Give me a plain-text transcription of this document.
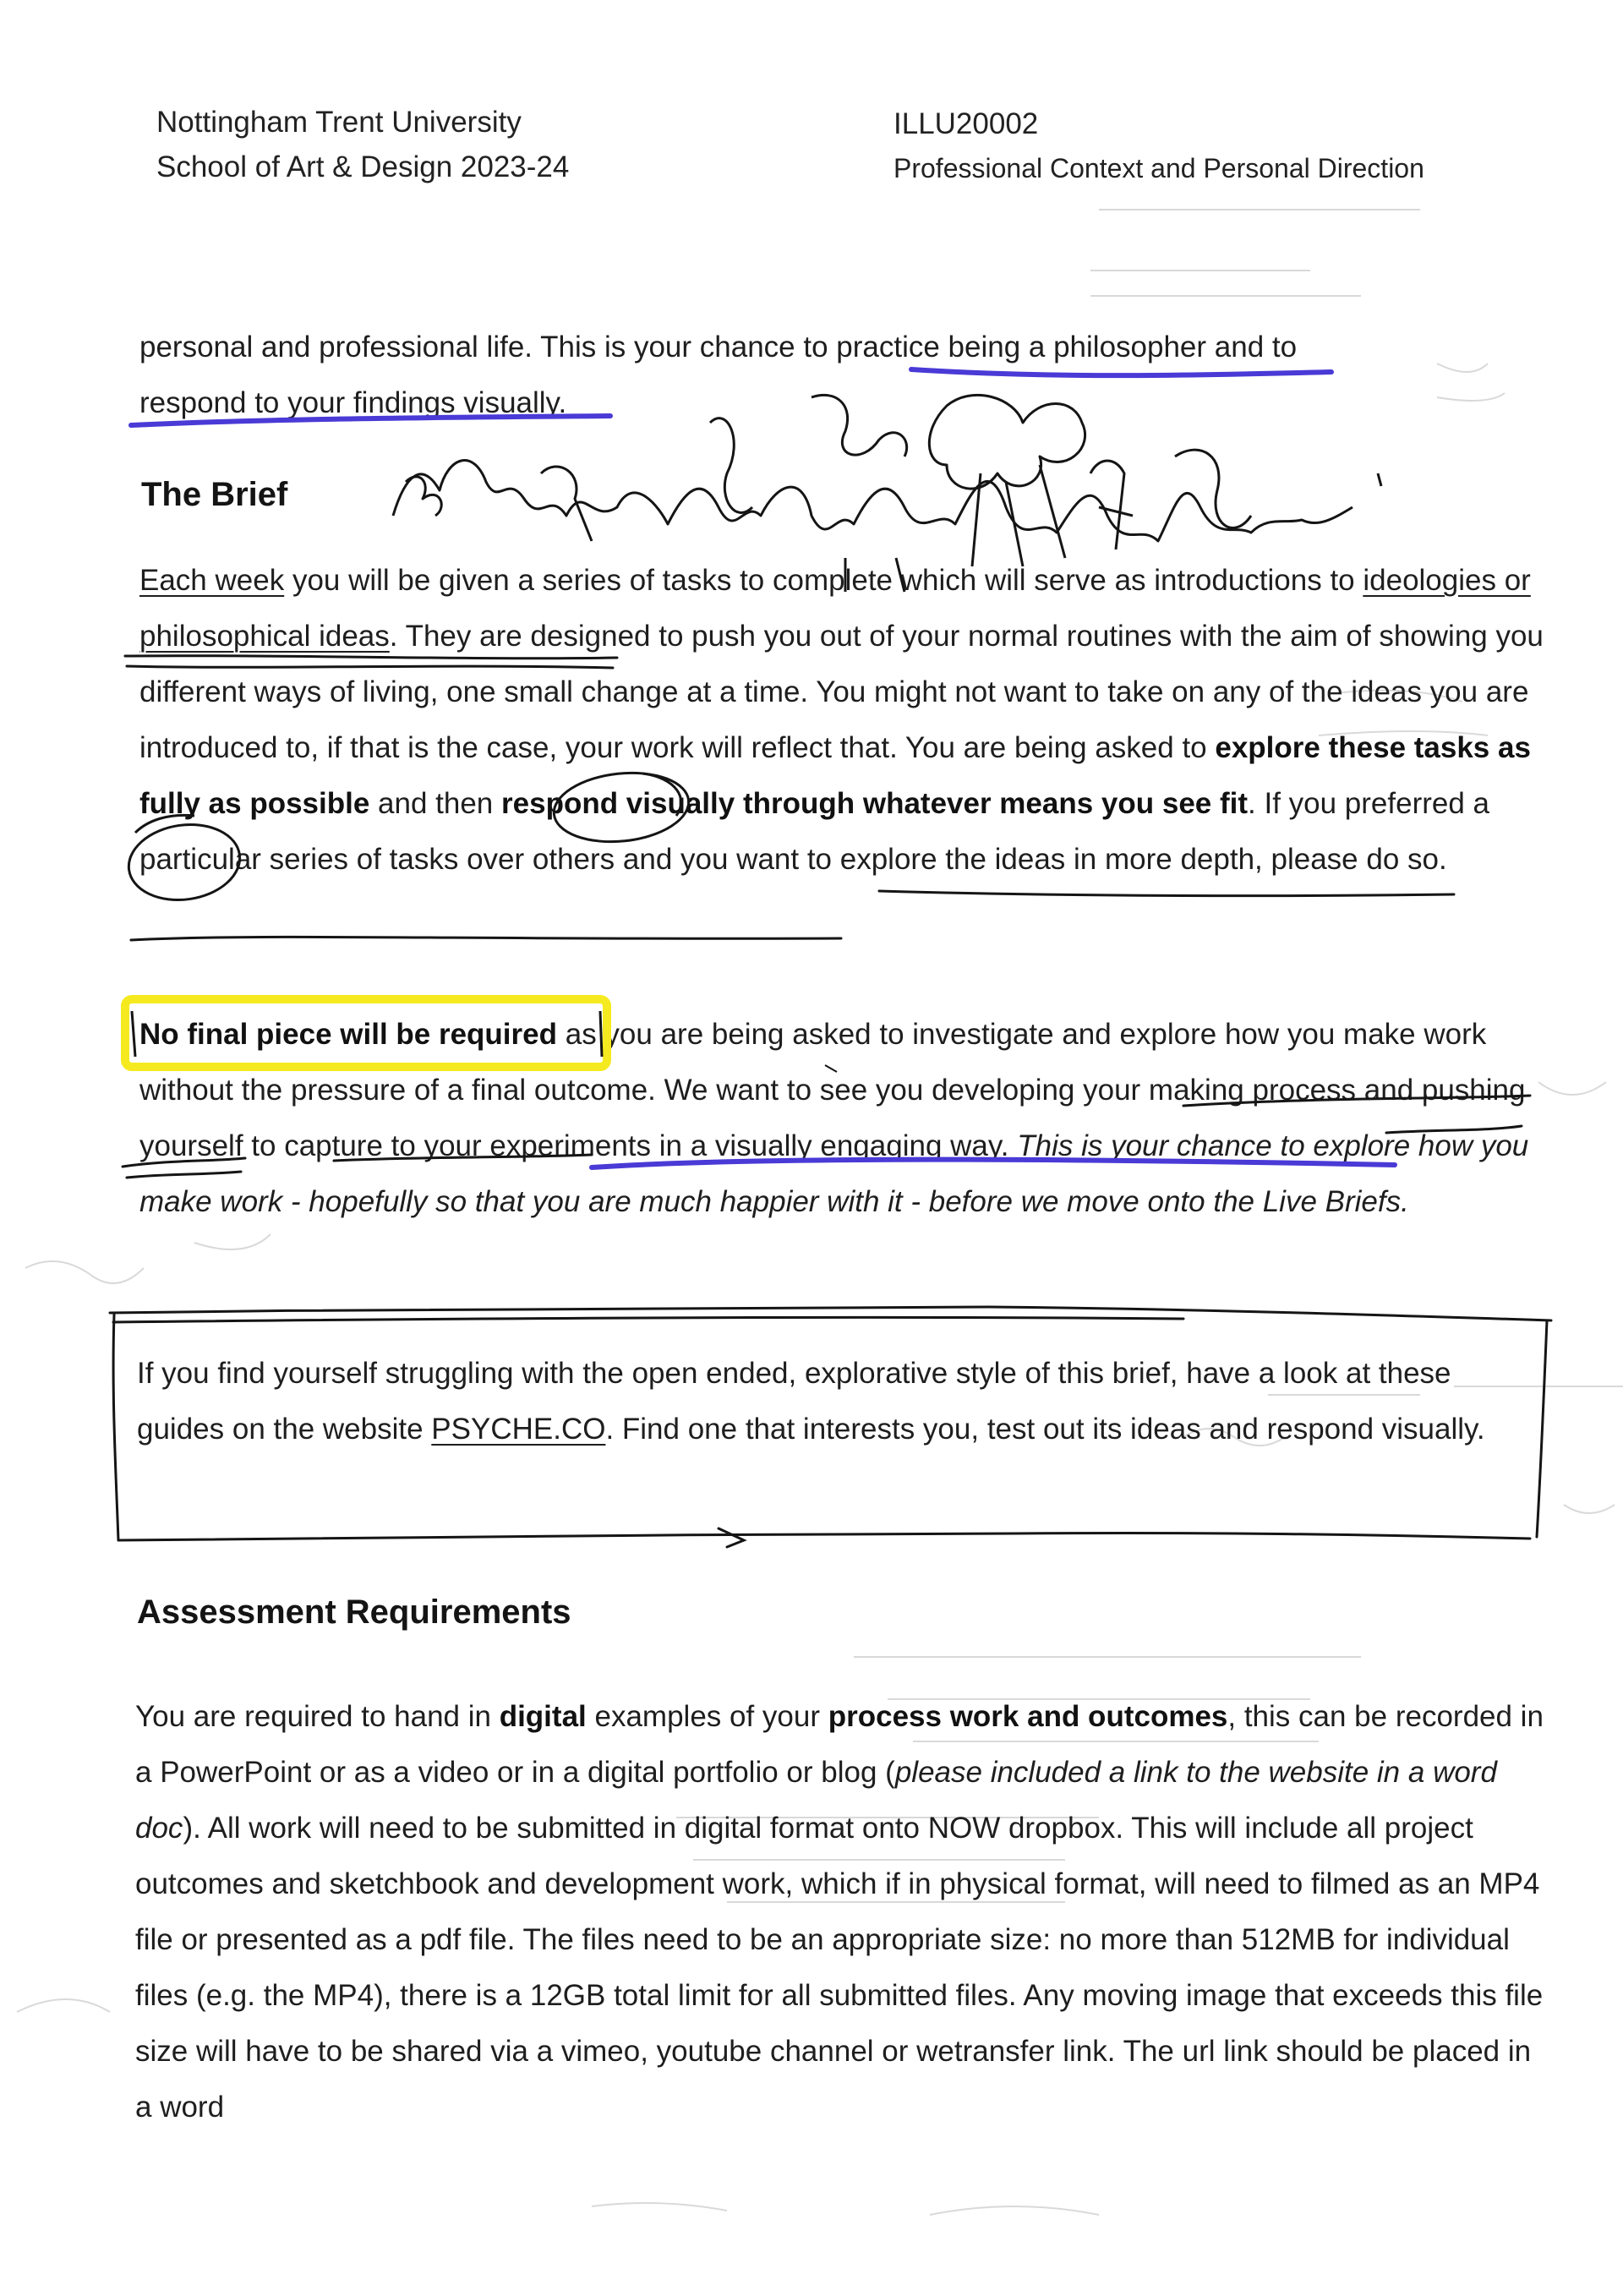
Nottingham Trent University
School of Art & Design 2023-24
ILLU20002
Professional Context and Personal Direction
personal and professional life. This is your chance to practice being a philosopher and to
respond to your findings visually.
The Brief
Each week you will be given a series of tasks to complete which will serve as introductions to ideologies or philosophical ideas. They are designed to push you out of your normal routines with the aim of showing you different ways of living, one small change at a time. You might not want to take on any of the ideas you are introduced to, if that is the case, your work will reflect that. You are being asked to explore these tasks as fully as possible and then respond visually through whatever means you see fit. If you preferred a particular series of tasks over others and you want to explore the ideas in more depth, please do so.
No final piece will be required as you are being asked to investigate and explore how you make work without the pressure of a final outcome. We want to see you developing your making process and pushing yourself to capture to your experiments in a visually engaging way. This is your chance to explore how you make work - hopefully so that you are much happier with it - before we move onto the Live Briefs.
If you find yourself struggling with the open ended, explorative style of this brief, have a look at these guides on the website PSYCHE.CO. Find one that interests you, test out its ideas and respond visually.
Assessment Requirements
You are required to hand in digital examples of your process work and outcomes, this can be recorded in a PowerPoint or as a video or in a digital portfolio or blog (please included a link to the website in a word doc). All work will need to be submitted in digital format onto NOW dropbox. This will include all project outcomes and sketchbook and development work, which if in physical format, will need to filmed as an MP4 file or presented as a pdf file. The files need to be an appropriate size: no more than 512MB for individual files (e.g. the MP4), there is a 12GB total limit for all submitted files. Any moving image that exceeds this file size will have to be shared via a vimeo, youtube channel or wetransfer link. The url link should be placed in a word
